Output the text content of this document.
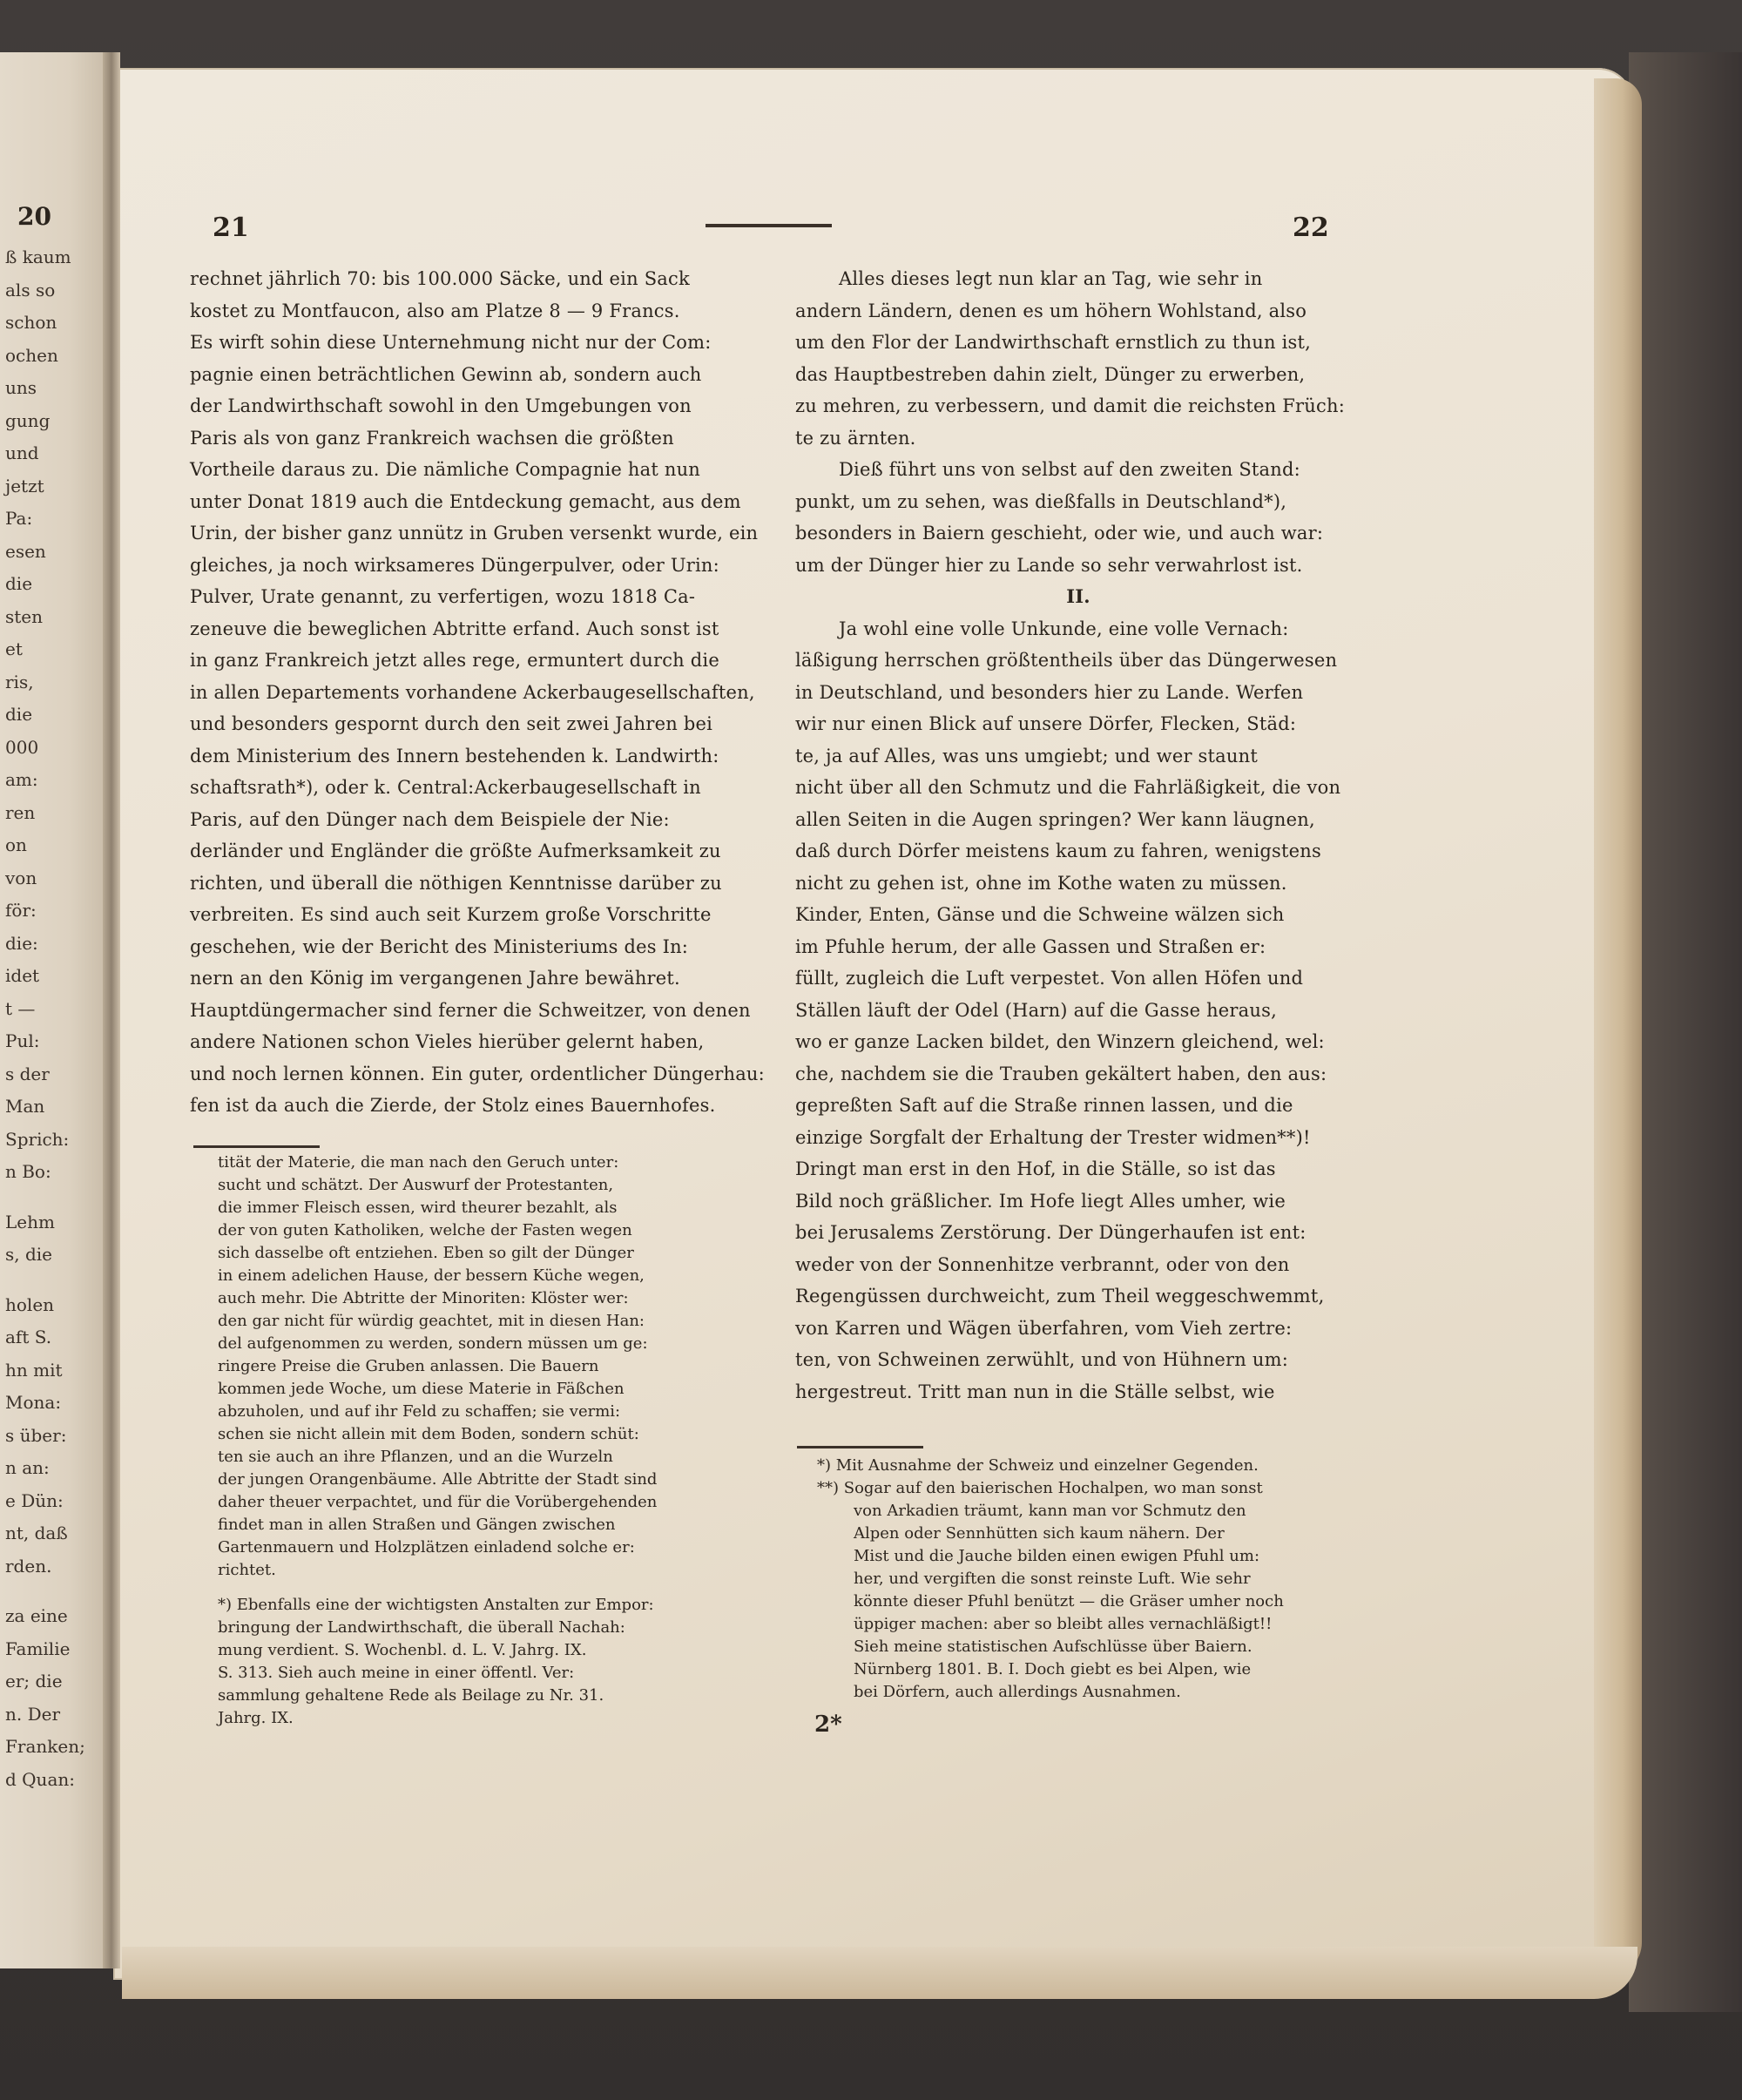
20
ß kaum
als so
schon
ochen
uns
gung
und
jetzt
Pa:
esen
die
sten
et
ris,
die
000
am:
ren
on
von
för:
die:
idet
t —
Pul:
s der
Man
Sprich:
n Bo:
Lehm
s, die
holen
aft S.
hn mit
Mona:
s über:
n an:
e Dün:
nt, daß
rden.
za eine
Familie
er; die
n. Der
Franken;
d Quan:
21	22
rechnet jährlich 70: bis 100.000 Säcke, und ein Sack
kostet zu Montfaucon, also am Platze 8 — 9 Francs.
Es wirft sohin diese Unternehmung nicht nur der Com:
pagnie einen beträchtlichen Gewinn ab, sondern auch
der Landwirthschaft sowohl in den Umgebungen von
Paris als von ganz Frankreich wachsen die größten
Vortheile daraus zu. Die nämliche Compagnie hat nun
unter Donat 1819 auch die Entdeckung gemacht, aus dem
Urin, der bisher ganz unnütz in Gruben versenkt wurde, ein
gleiches, ja noch wirksameres Düngerpulver, oder Urin:
Pulver, Urate genannt, zu verfertigen, wozu 1818 Ca-
zeneuve die beweglichen Abtritte erfand. Auch sonst ist
in ganz Frankreich jetzt alles rege, ermuntert durch die
in allen Departements vorhandene Ackerbaugesellschaften,
und besonders gespornt durch den seit zwei Jahren bei
dem Ministerium des Innern bestehenden k. Landwirth:
schaftsrath*), oder k. Central:Ackerbaugesellschaft in
Paris, auf den Dünger nach dem Beispiele der Nie:
derländer und Engländer die größte Aufmerksamkeit zu
richten, und überall die nöthigen Kenntnisse darüber zu
verbreiten. Es sind auch seit Kurzem große Vorschritte
geschehen, wie der Bericht des Ministeriums des In:
nern an den König im vergangenen Jahre bewähret.
Hauptdüngermacher sind ferner die Schweitzer, von denen
andere Nationen schon Vieles hierüber gelernt haben,
und noch lernen können. Ein guter, ordentlicher Düngerhau:
fen ist da auch die Zierde, der Stolz eines Bauernhofes.
tität der Materie, die man nach den Geruch unter:
sucht und schätzt. Der Auswurf der Protestanten,
die immer Fleisch essen, wird theurer bezahlt, als
der von guten Katholiken, welche der Fasten wegen
sich dasselbe oft entziehen. Eben so gilt der Dünger
in einem adelichen Hause, der bessern Küche wegen,
auch mehr. Die Abtritte der Minoriten: Klöster wer:
den gar nicht für würdig geachtet, mit in diesen Han:
del aufgenommen zu werden, sondern müssen um ge:
ringere Preise die Gruben anlassen. Die Bauern
kommen jede Woche, um diese Materie in Fäßchen
abzuholen, und auf ihr Feld zu schaffen; sie vermi:
schen sie nicht allein mit dem Boden, sondern schüt:
ten sie auch an ihre Pflanzen, und an die Wurzeln
der jungen Orangenbäume. Alle Abtritte der Stadt sind
daher theuer verpachtet, und für die Vorübergehenden
findet man in allen Straßen und Gängen zwischen
Gartenmauern und Holzplätzen einladend solche er:
richtet.
*) Ebenfalls eine der wichtigsten Anstalten zur Empor:
bringung der Landwirthschaft, die überall Nachah:
mung verdient. S. Wochenbl. d. L. V. Jahrg. IX.
S. 313. Sieh auch meine in einer öffentl. Ver:
sammlung gehaltene Rede als Beilage zu Nr. 31.
Jahrg. IX.
Alles dieses legt nun klar an Tag, wie sehr in
andern Ländern, denen es um höhern Wohlstand, also
um den Flor der Landwirthschaft ernstlich zu thun ist,
das Hauptbestreben dahin zielt, Dünger zu erwerben,
zu mehren, zu verbessern, und damit die reichsten Früch:
te zu ärnten.
Dieß führt uns von selbst auf den zweiten Stand:
punkt, um zu sehen, was dießfalls in Deutschland*),
besonders in Baiern geschieht, oder wie, und auch war:
um der Dünger hier zu Lande so sehr verwahrlost ist.
II.
Ja wohl eine volle Unkunde, eine volle Vernach:
läßigung herrschen größtentheils über das Düngerwesen
in Deutschland, und besonders hier zu Lande. Werfen
wir nur einen Blick auf unsere Dörfer, Flecken, Städ:
te, ja auf Alles, was uns umgiebt; und wer staunt
nicht über all den Schmutz und die Fahrläßigkeit, die von
allen Seiten in die Augen springen? Wer kann läugnen,
daß durch Dörfer meistens kaum zu fahren, wenigstens
nicht zu gehen ist, ohne im Kothe waten zu müssen.
Kinder, Enten, Gänse und die Schweine wälzen sich
im Pfuhle herum, der alle Gassen und Straßen er:
füllt, zugleich die Luft verpestet. Von allen Höfen und
Ställen läuft der Odel (Harn) auf die Gasse heraus,
wo er ganze Lacken bildet, den Winzern gleichend, wel:
che, nachdem sie die Trauben gekältert haben, den aus:
gepreßten Saft auf die Straße rinnen lassen, und die
einzige Sorgfalt der Erhaltung der Trester widmen**)!
Dringt man erst in den Hof, in die Ställe, so ist das
Bild noch gräßlicher. Im Hofe liegt Alles umher, wie
bei Jerusalems Zerstörung. Der Düngerhaufen ist ent:
weder von der Sonnenhitze verbrannt, oder von den
Regengüssen durchweicht, zum Theil weggeschwemmt,
von Karren und Wägen überfahren, vom Vieh zertre:
ten, von Schweinen zerwühlt, und von Hühnern um:
hergestreut. Tritt man nun in die Ställe selbst, wie
*) Mit Ausnahme der Schweiz und einzelner Gegenden.
**) Sogar auf den baierischen Hochalpen, wo man sonst
von Arkadien träumt, kann man vor Schmutz den
Alpen oder Sennhütten sich kaum nähern. Der
Mist und die Jauche bilden einen ewigen Pfuhl um:
her, und vergiften die sonst reinste Luft. Wie sehr
könnte dieser Pfuhl benützt — die Gräser umher noch
üppiger machen: aber so bleibt alles vernachläßigt!!
Sieh meine statistischen Aufschlüsse über Baiern.
Nürnberg 1801. B. I. Doch giebt es bei Alpen, wie
bei Dörfern, auch allerdings Ausnahmen.
2*
